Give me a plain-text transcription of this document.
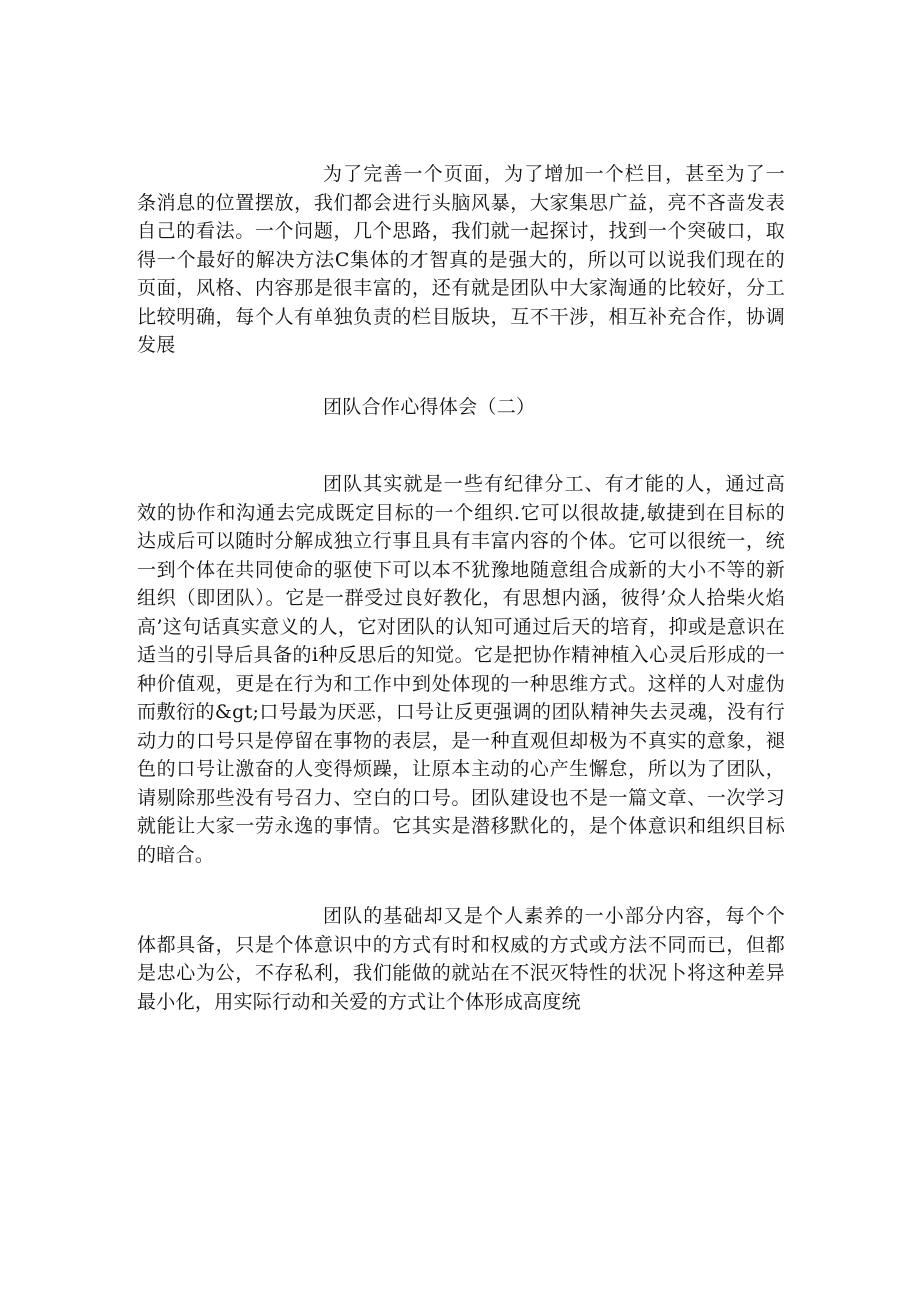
为了完善一个页面，为了增加一个栏目，甚至为了一条消息的位置摆放，我们都会进行头脑风暴，大家集思广益，亮不吝啬发表自己的看法。一个问题，几个思路，我们就一起探讨，找到一个突破口，取得一个最好的解决方法C集体的才智真的是强大的，所以可以说我们现在的页面，风格、内容那是很丰富的，还有就是团队中大家淘通的比较好，分工比较明确，每个人有单独负责的栏目版块，互不干涉，相互补充合作，协调发展

团队合作心得体会（二）

团队其实就是一些有纪律分工、有才能的人，通过高效的协作和沟通去完成既定目标的一个组织.它可以很故捷,敏捷到在目标的达成后可以随时分解成独立行事且具有丰富内容的个体。它可以很统一，统一到个体在共同使命的驱使下可以本不犹豫地随意组合成新的大小不等的新组织（即团队）。它是一群受过良好教化，有思想内涵，彼得’众人拾柴火焰高’这句话真实意义的人，它对团队的认知可通过后天的培育，抑或是意识在适当的引导后具备的i种反思后的知觉。它是把协作精神植入心灵后形成的一种价值观，更是在行为和工作中到处体现的一种思维方式。这样的人对虚伪而敷衍的&gt;口号最为厌恶，口号让反更强调的团队精神失去灵魂，没有行动力的口号只是停留在事物的表层，是一种直观但却极为不真实的意象，褪色的口号让激奋的人变得烦躁，让原本主动的心产生懈怠，所以为了团队，请剔除那些没有号召力、空白的口号。团队建设也不是一篇文章、一次学习就能让大家一劳永逸的事情。它其实是潜移默化的，是个体意识和组织目标的暗合。

团队的基础却又是个人素养的一小部分内容，每个个体都具备，只是个体意识中的方式有时和权威的方式或方法不同而已，但都是忠心为公，不存私利，我们能做的就站在不泯灭特性的状况卜将这种差异最小化，用实际行动和关爱的方式让个体形成高度统
